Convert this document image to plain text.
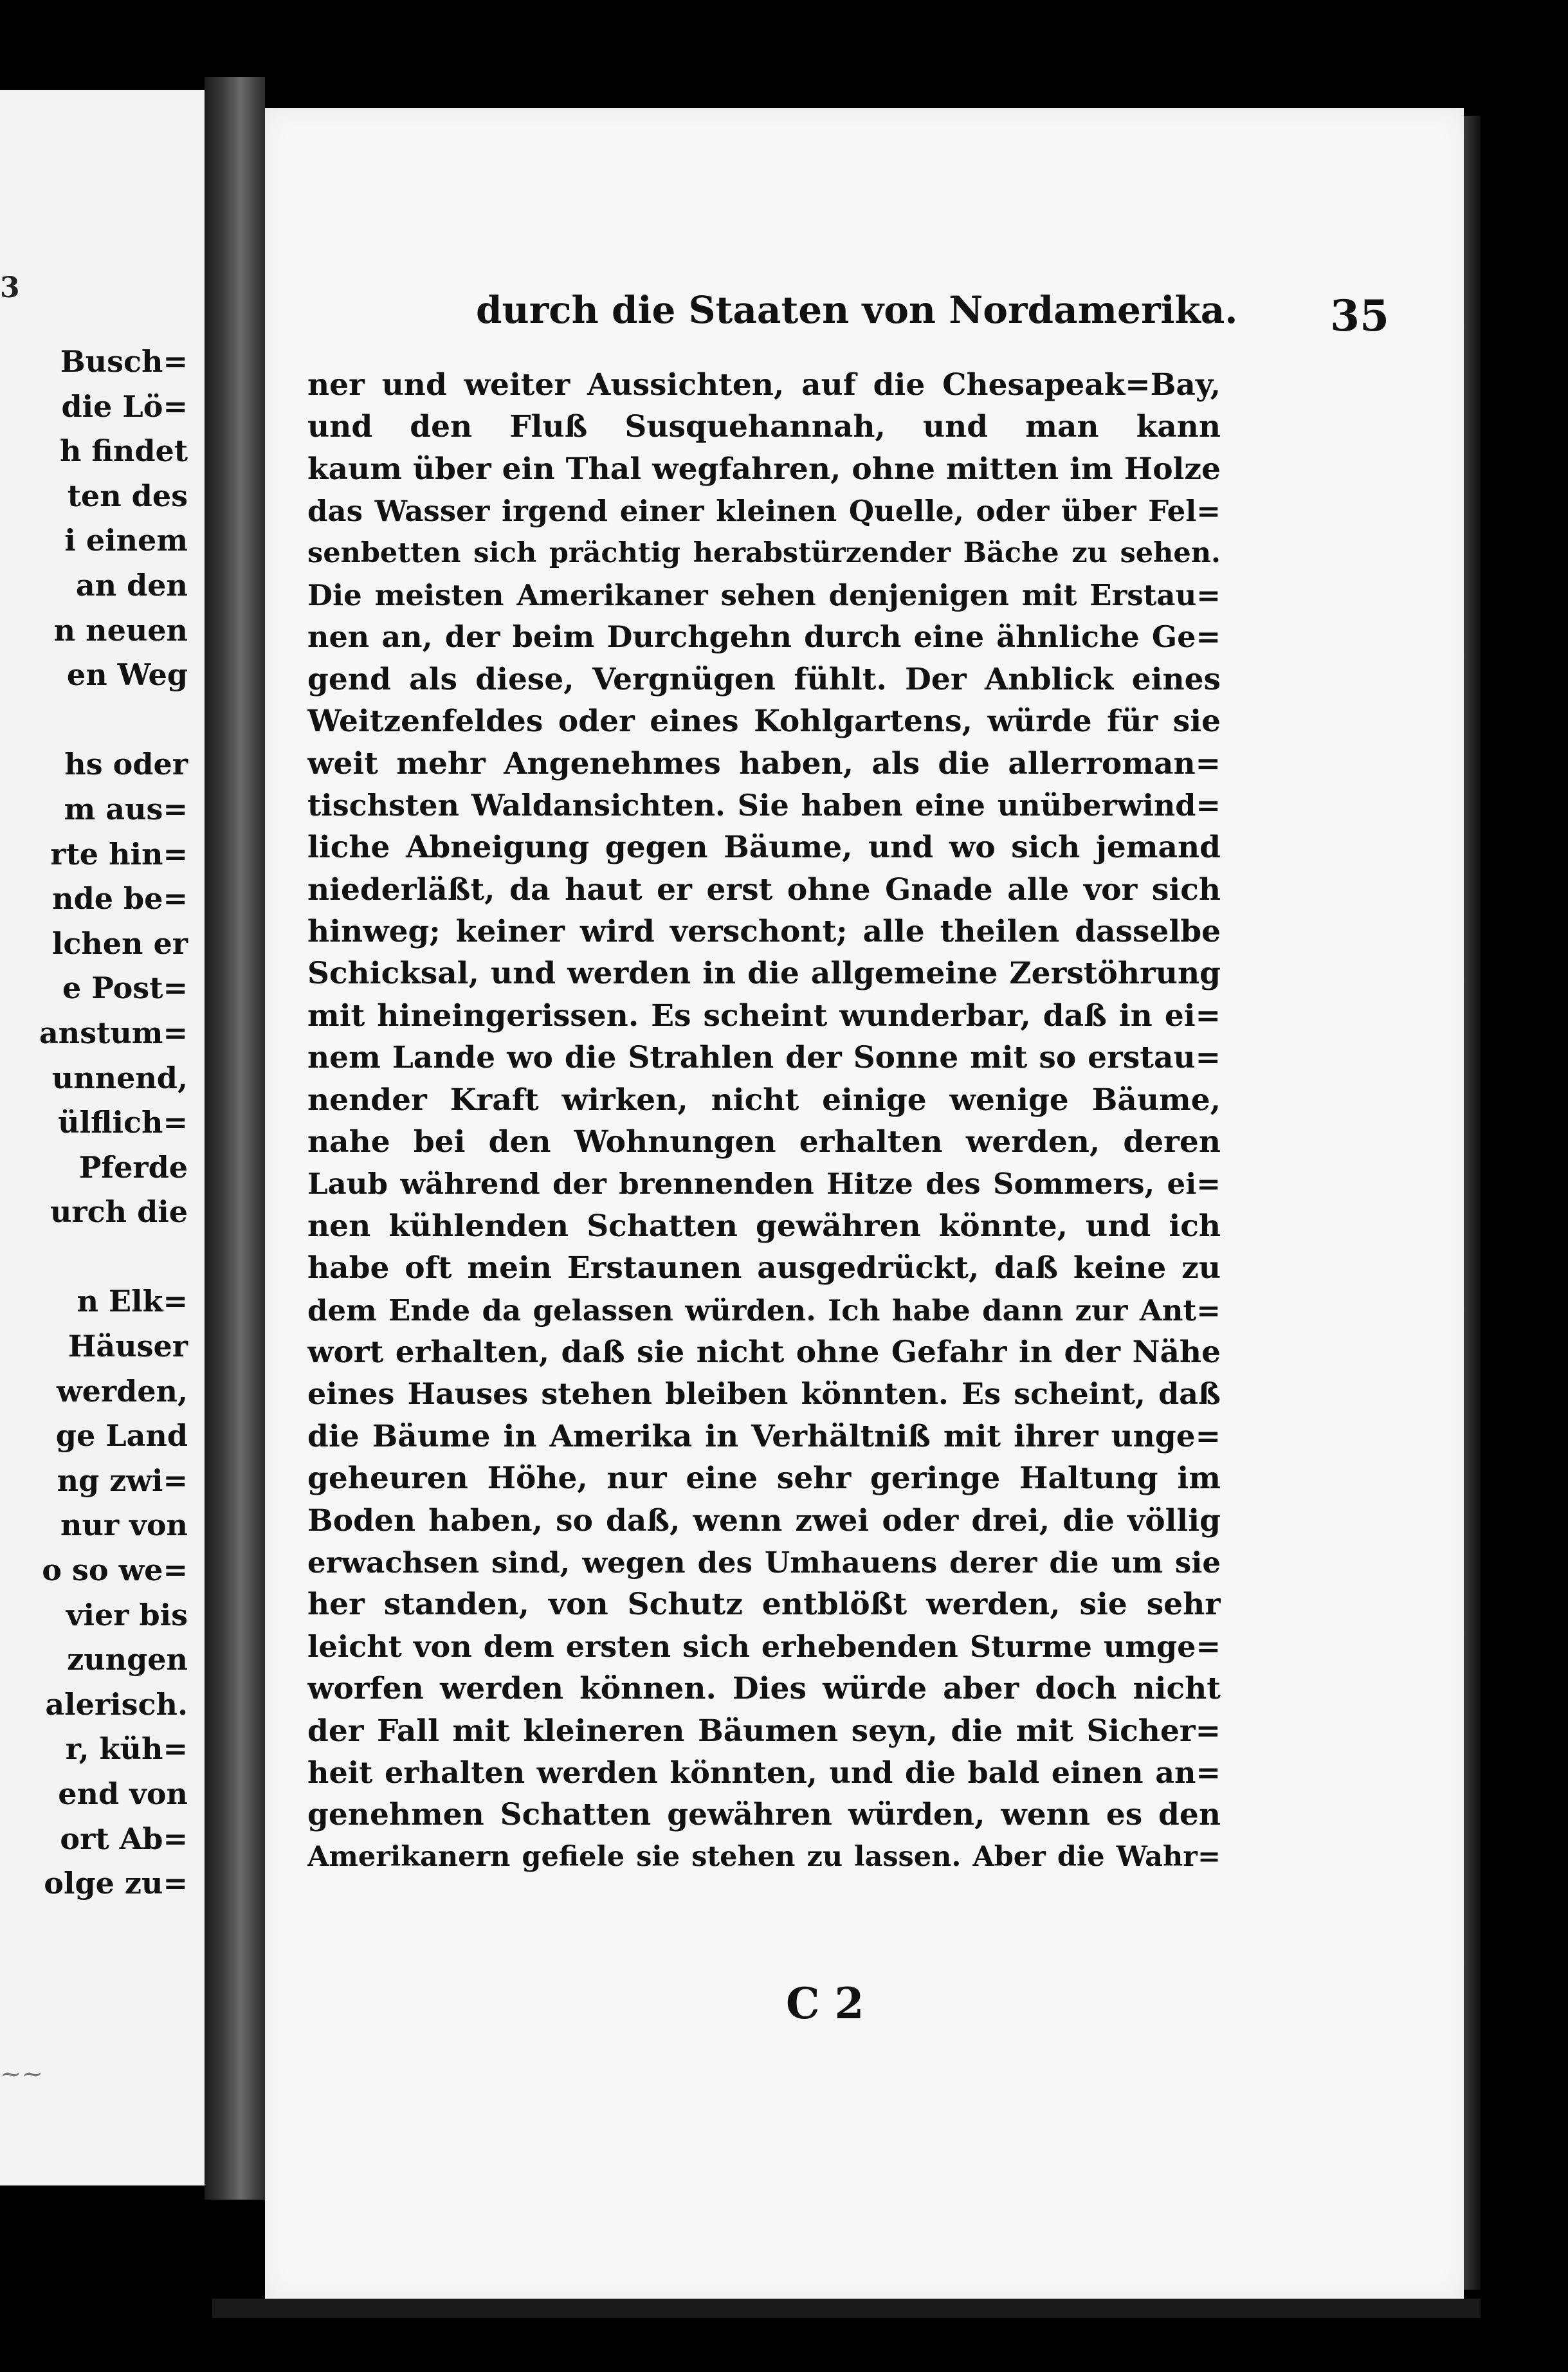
3
Busch=
die Lö=
h findet
ten des
i einem
an den
n neuen
en Weg
hs oder
m aus=
rte hin=
nde be=
lchen er
e Post=
anstum=
unnend,
ülflich=
Pferde
urch die
n Elk=
Häuser
werden,
ge Land
ng zwi=
nur von
o so we=
vier bis
zungen
alerisch.
r, küh=
end von
ort Ab=
olge zu=
~~
durch die Staaten von Nordamerika. 35
ner und weiter Aussichten, auf die Chesapeak=Bay,
und den Fluß Susquehannah, und man kann
kaum über ein Thal wegfahren, ohne mitten im Holze
das Wasser irgend einer kleinen Quelle, oder über Fel=
senbetten sich prächtig herabstürzender Bäche zu sehen.
Die meisten Amerikaner sehen denjenigen mit Erstau=
nen an, der beim Durchgehn durch eine ähnliche Ge=
gend als diese, Vergnügen fühlt. Der Anblick eines
Weitzenfeldes oder eines Kohlgartens, würde für sie
weit mehr Angenehmes haben, als die allerroman=
tischsten Waldansichten. Sie haben eine unüberwind=
liche Abneigung gegen Bäume, und wo sich jemand
niederläßt, da haut er erst ohne Gnade alle vor sich
hinweg; keiner wird verschont; alle theilen dasselbe
Schicksal, und werden in die allgemeine Zerstöhrung
mit hineingerissen. Es scheint wunderbar, daß in ei=
nem Lande wo die Strahlen der Sonne mit so erstau=
nender Kraft wirken, nicht einige wenige Bäume,
nahe bei den Wohnungen erhalten werden, deren
Laub während der brennenden Hitze des Sommers, ei=
nen kühlenden Schatten gewähren könnte, und ich
habe oft mein Erstaunen ausgedrückt, daß keine zu
dem Ende da gelassen würden. Ich habe dann zur Ant=
wort erhalten, daß sie nicht ohne Gefahr in der Nähe
eines Hauses stehen bleiben könnten. Es scheint, daß
die Bäume in Amerika in Verhältniß mit ihrer unge=
geheuren Höhe, nur eine sehr geringe Haltung im
Boden haben, so daß, wenn zwei oder drei, die völlig
erwachsen sind, wegen des Umhauens derer die um sie
her standen, von Schutz entblößt werden, sie sehr
leicht von dem ersten sich erhebenden Sturme umge=
worfen werden können. Dies würde aber doch nicht
der Fall mit kleineren Bäumen seyn, die mit Sicher=
heit erhalten werden könnten, und die bald einen an=
genehmen Schatten gewähren würden, wenn es den
Amerikanern gefiele sie stehen zu lassen. Aber die Wahr=
C 2
